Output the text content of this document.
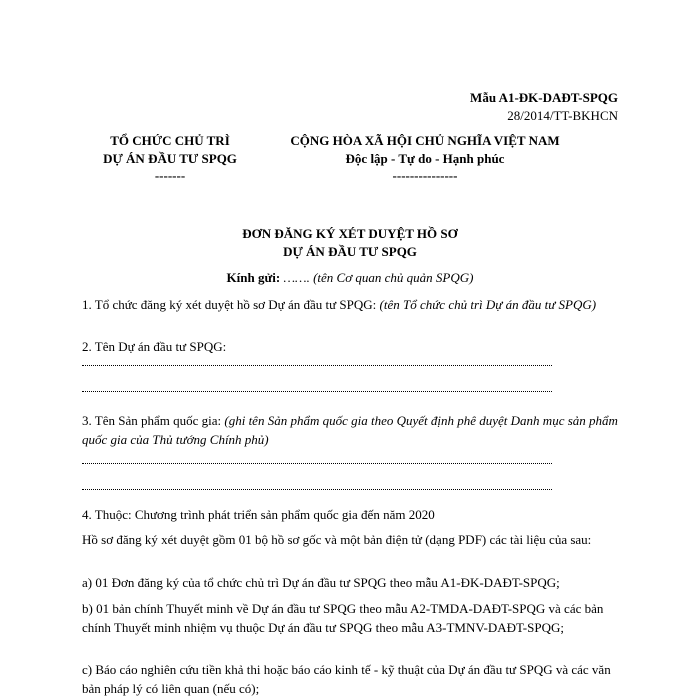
Mẫu A1-ĐK-DAĐT-SPQG
28/2014/TT-BKHCN
TỔ CHỨC CHỦ TRÌ
DỰ ÁN ĐẦU TƯ SPQG
-------
CỘNG HÒA XÃ HỘI CHỦ NGHĨA VIỆT NAM
Độc lập - Tự do - Hạnh phúc
---------------
ĐƠN ĐĂNG KÝ XÉT DUYỆT HỒ SƠ
DỰ ÁN ĐẦU TƯ SPQG
Kính gửi: ……. (tên Cơ quan chủ quản SPQG)
1. Tổ chức đăng ký xét duyệt hồ sơ Dự án đầu tư SPQG: (tên Tổ chức chủ trì Dự án đầu tư SPQG)
2. Tên Dự án đầu tư SPQG:
3. Tên Sản phẩm quốc gia: (ghi tên Sản phẩm quốc gia theo Quyết định phê duyệt Danh mục sản phẩm quốc gia của Thủ tướng Chính phủ)
4. Thuộc: Chương trình phát triển sản phẩm quốc gia đến năm 2020
Hồ sơ đăng ký xét duyệt gồm 01 bộ hồ sơ gốc và một bản điện tử (dạng PDF) các tài liệu của sau:
a) 01 Đơn đăng ký của tổ chức chủ trì Dự án đầu tư SPQG theo mẫu A1-ĐK-DAĐT-SPQG;
b) 01 bản chính Thuyết minh về Dự án đầu tư SPQG theo mẫu A2-TMDA-DAĐT-SPQG và các bản chính Thuyết minh nhiệm vụ thuộc Dự án đầu tư SPQG theo mẫu A3-TMNV-DAĐT-SPQG;
c) Báo cáo nghiên cứu tiền khả thi hoặc báo cáo kinh tế - kỹ thuật của Dự án đầu tư SPQG và các văn bản pháp lý có liên quan (nếu có);
